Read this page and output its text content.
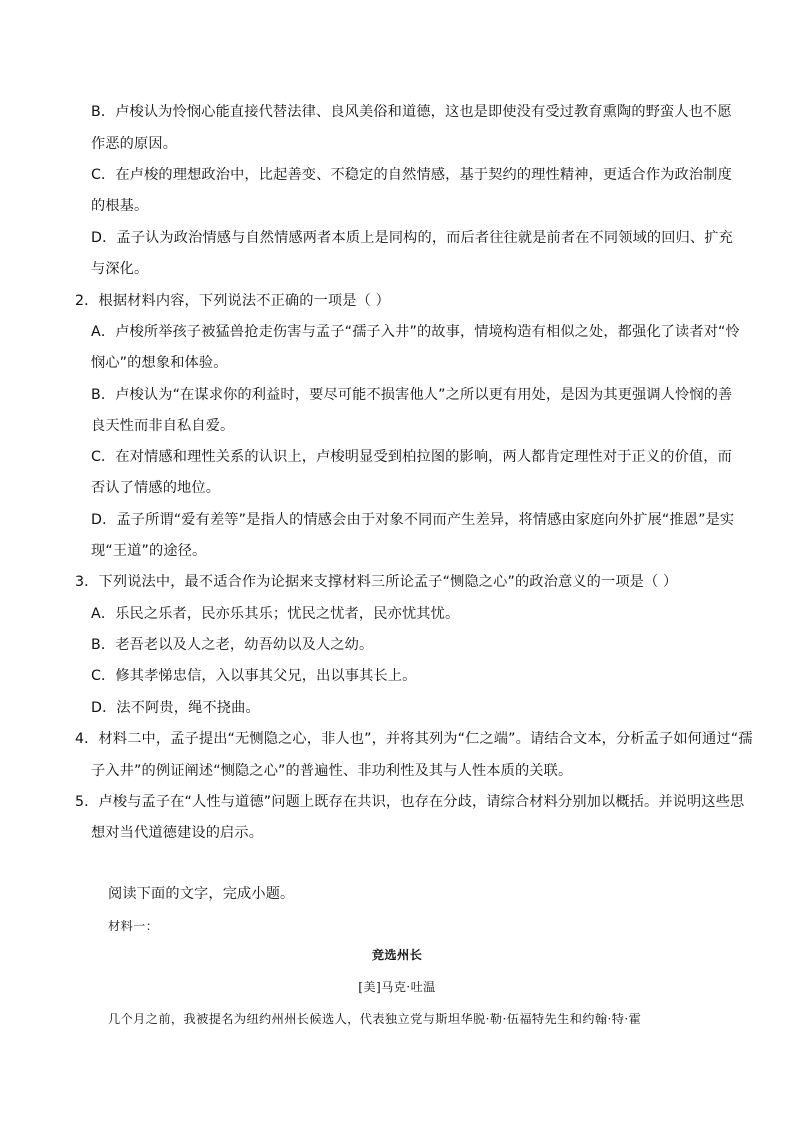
B．卢梭认为怜悯心能直接代替法律、良风美俗和道德，这也是即使没有受过教育熏陶的野蛮人也不愿
作恶的原因。
C．在卢梭的理想政治中，比起善变、不稳定的自然情感，基于契约的理性精神，更适合作为政治制度
的根基。
D．孟子认为政治情感与自然情感两者本质上是同构的，而后者往往就是前者在不同领域的回归、扩充
与深化。
2．根据材料内容，下列说法不正确的一项是（ ）
A．卢梭所举孩子被猛兽抢走伤害与孟子“孺子入井”的故事，情境构造有相似之处，都强化了读者对“怜
悯心”的想象和体验。
B．卢梭认为“在谋求你的利益时，要尽可能不损害他人”之所以更有用处，是因为其更强调人怜悯的善
良天性而非自私自爱。
C．在对情感和理性关系的认识上，卢梭明显受到柏拉图的影响，两人都肯定理性对于正义的价值，而
否认了情感的地位。
D．孟子所谓“爱有差等”是指人的情感会由于对象不同而产生差异，将情感由家庭向外扩展“推恩”是实
现“王道”的途径。
3．下列说法中，最不适合作为论据来支撑材料三所论孟子“恻隐之心”的政治意义的一项是（ ）
A．乐民之乐者，民亦乐其乐；忧民之忧者，民亦忧其忧。
B．老吾老以及人之老，幼吾幼以及人之幼。
C．修其孝悌忠信，入以事其父兄，出以事其长上。
D．法不阿贵，绳不挠曲。
4．材料二中，孟子提出“无恻隐之心，非人也”，并将其列为“仁之端”。请结合文本，分析孟子如何通过“孺
子入井”的例证阐述“恻隐之心”的普遍性、非功利性及其与人性本质的关联。
5．卢梭与孟子在“人性与道德”问题上既存在共识，也存在分歧，请综合材料分别加以概括。并说明这些思
想对当代道德建设的启示。
阅读下面的文字，完成小题。
材料一：
竞选州长
[美]马克·吐温
几个月之前，我被提名为纽约州州长候选人，代表独立党与斯坦华脱·勒·伍福特先生和约翰·特·霍
